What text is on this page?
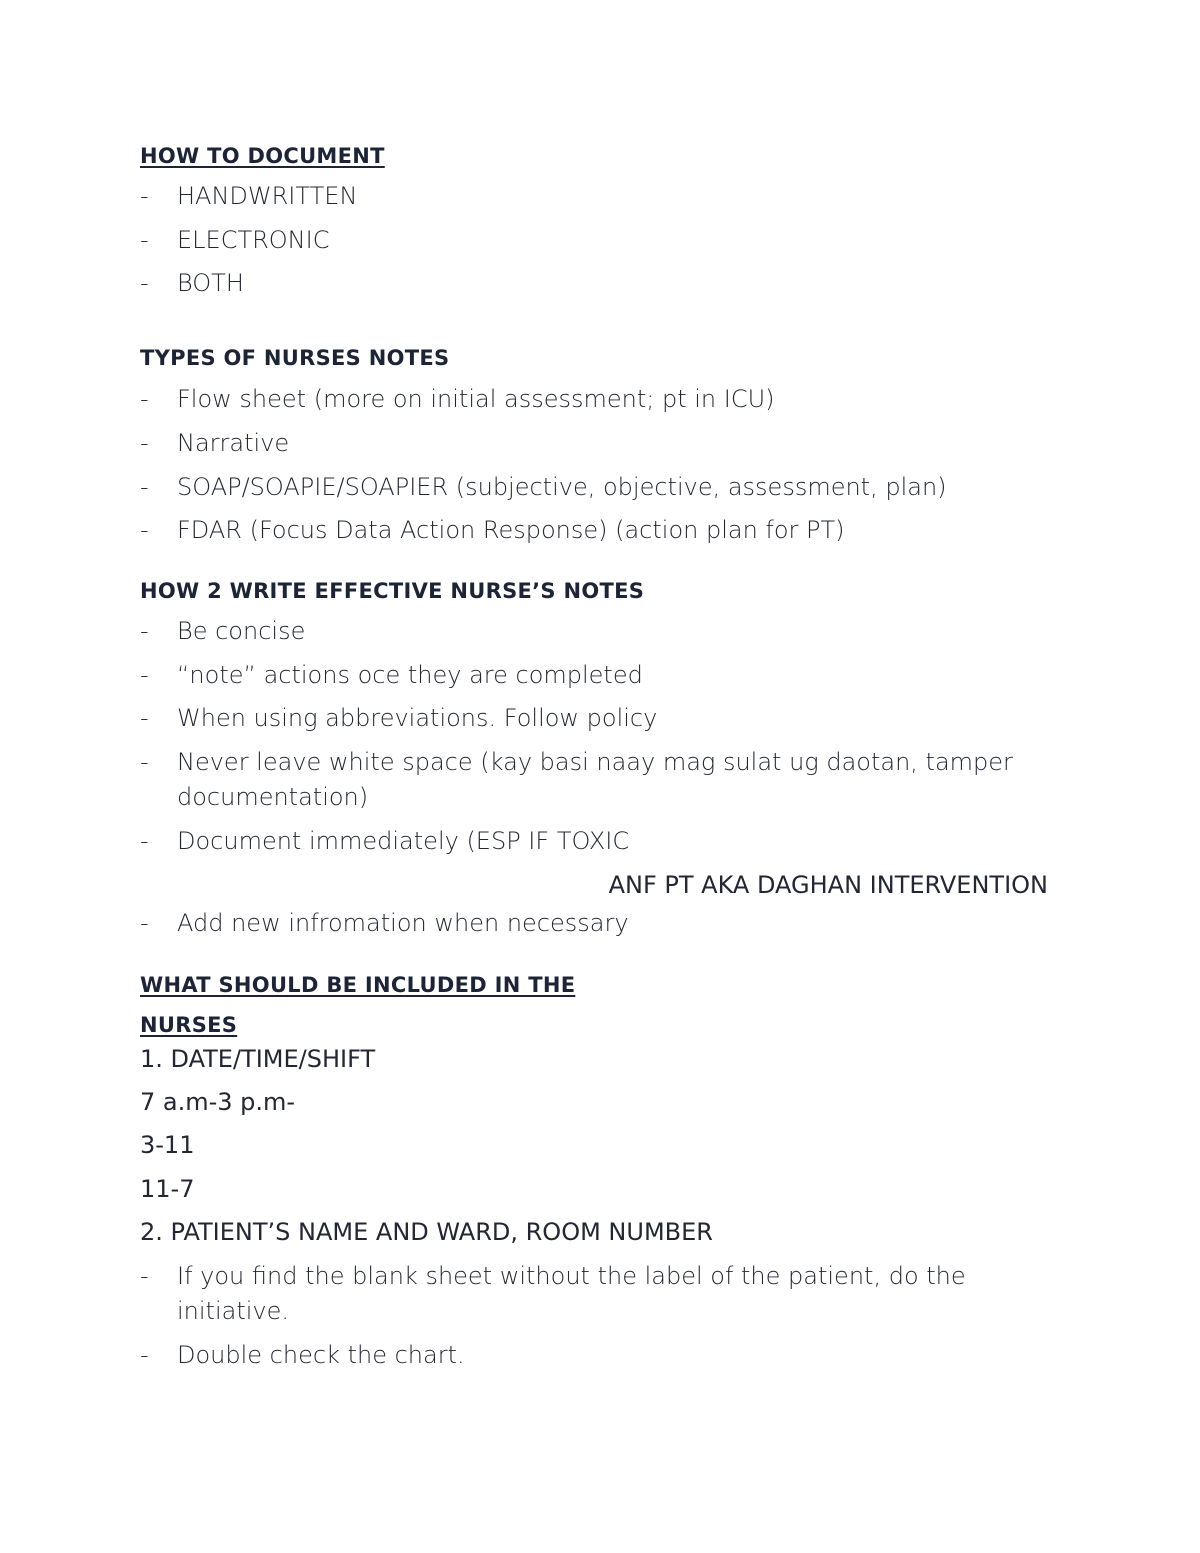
HOW TO DOCUMENT
- HANDWRITTEN
- ELECTRONIC
- BOTH
TYPES OF NURSES NOTES
- Flow sheet (more on initial assessment; pt in ICU)
- Narrative
- SOAP/SOAPIE/SOAPIER (subjective, objective, assessment, plan)
- FDAR (Focus Data Action Response) (action plan for PT)
HOW 2 WRITE EFFECTIVE NURSE’S NOTES
- Be concise
- “note” actions oce they are completed
- When using abbreviations. Follow policy
- Never leave white space (kay basi naay mag sulat ug daotan, tamper documentation)
- Document immediately (ESP IF TOXIC
ANF PT AKA DAGHAN INTERVENTION
- Add new infromation when necessary
WHAT SHOULD BE INCLUDED IN THE
NURSES
1. DATE/TIME/SHIFT
7 a.m-3 p.m-
3-11
11-7
2. PATIENT’S NAME AND WARD, ROOM NUMBER
- If you find the blank sheet without the label of the patient, do the initiative.
- Double check the chart.
